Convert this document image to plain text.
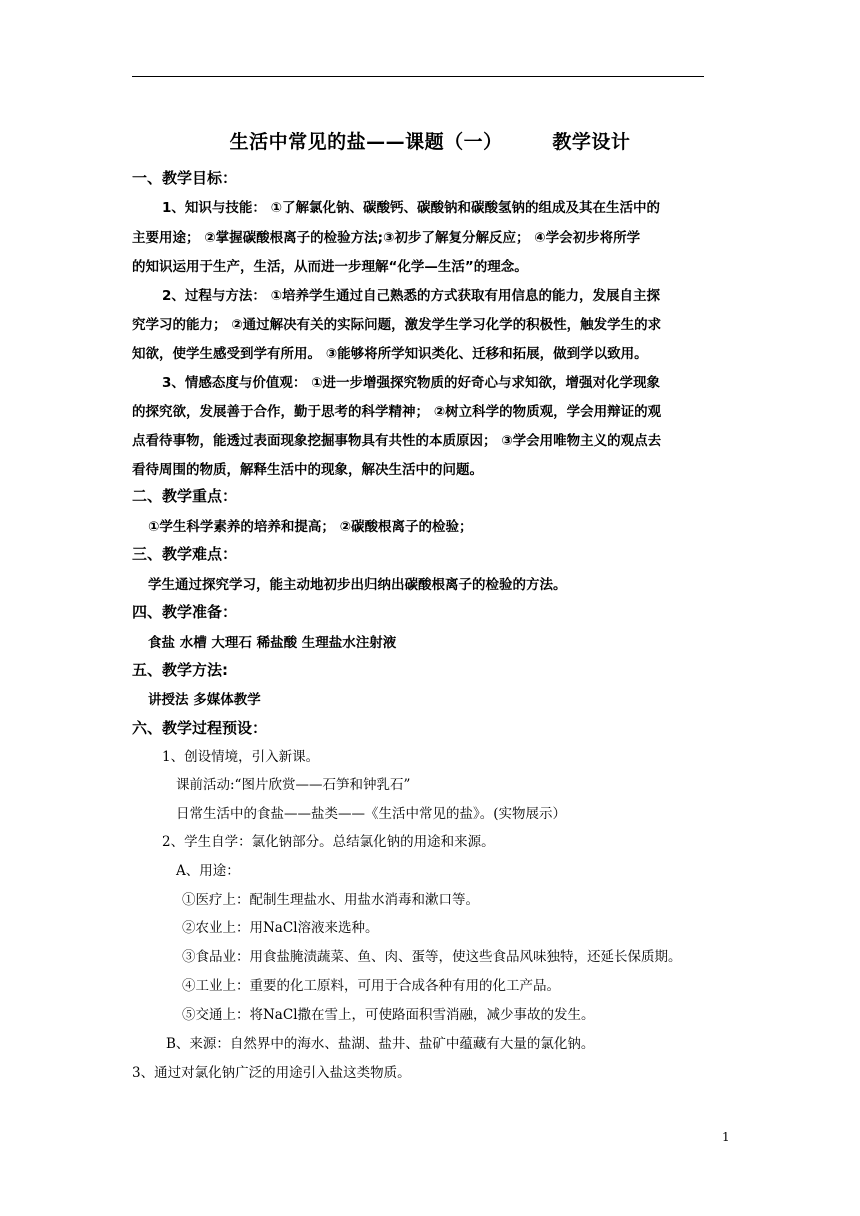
生活中常见的盐——课题（一）       教学设计
一、教学目标：
1、知识与技能： ①了解氯化钠、碳酸钙、碳酸钠和碳酸氢钠的组成及其在生活中的
主要用途； ②掌握碳酸根离子的检验方法;③初步了解复分解反应； ④学会初步将所学
的知识运用于生产，生活，从而进一步理解“化学—生活”的理念。
2、过程与方法： ①培养学生通过自己熟悉的方式获取有用信息的能力，发展自主探
究学习的能力； ②通过解决有关的实际问题，激发学生学习化学的积极性，触发学生的求
知欲，使学生感受到学有所用。 ③能够将所学知识类化、迁移和拓展，做到学以致用。
3、情感态度与价值观： ①进一步增强探究物质的好奇心与求知欲，增强对化学现象
的探究欲，发展善于合作，勤于思考的科学精神； ②树立科学的物质观，学会用辩证的观
点看待事物，能透过表面现象挖掘事物具有共性的本质原因； ③学会用唯物主义的观点去
看待周围的物质，解释生活中的现象，解决生活中的问题。
二、教学重点：
①学生科学素养的培养和提高； ②碳酸根离子的检验；
三、教学难点：
学生通过探究学习，能主动地初步出归纳出碳酸根离子的检验的方法。
四、教学准备：
食盐 水槽 大理石 稀盐酸 生理盐水注射液
五、教学方法:
讲授法 多媒体教学
六、教学过程预设：
1、创设情境，引入新课。
课前活动:“图片欣赏——石笋和钟乳石”
日常生活中的食盐——盐类——《生活中常见的盐》。(实物展示）
2、学生自学：氯化钠部分。总结氯化钠的用途和来源。
A、用途：
①医疗上：配制生理盐水、用盐水消毒和漱口等。
②农业上：用NaCl溶液来选种。
③食品业：用食盐腌渍蔬菜、鱼、肉、蛋等，使这些食品风味独特，还延长保质期。
④工业上：重要的化工原料，可用于合成各种有用的化工产品。
⑤交通上：将NaCl撒在雪上，可使路面积雪消融，减少事故的发生。
B、来源：自然界中的海水、盐湖、盐井、盐矿中蕴藏有大量的氯化钠。
3、通过对氯化钠广泛的用途引入盐这类物质。
1
